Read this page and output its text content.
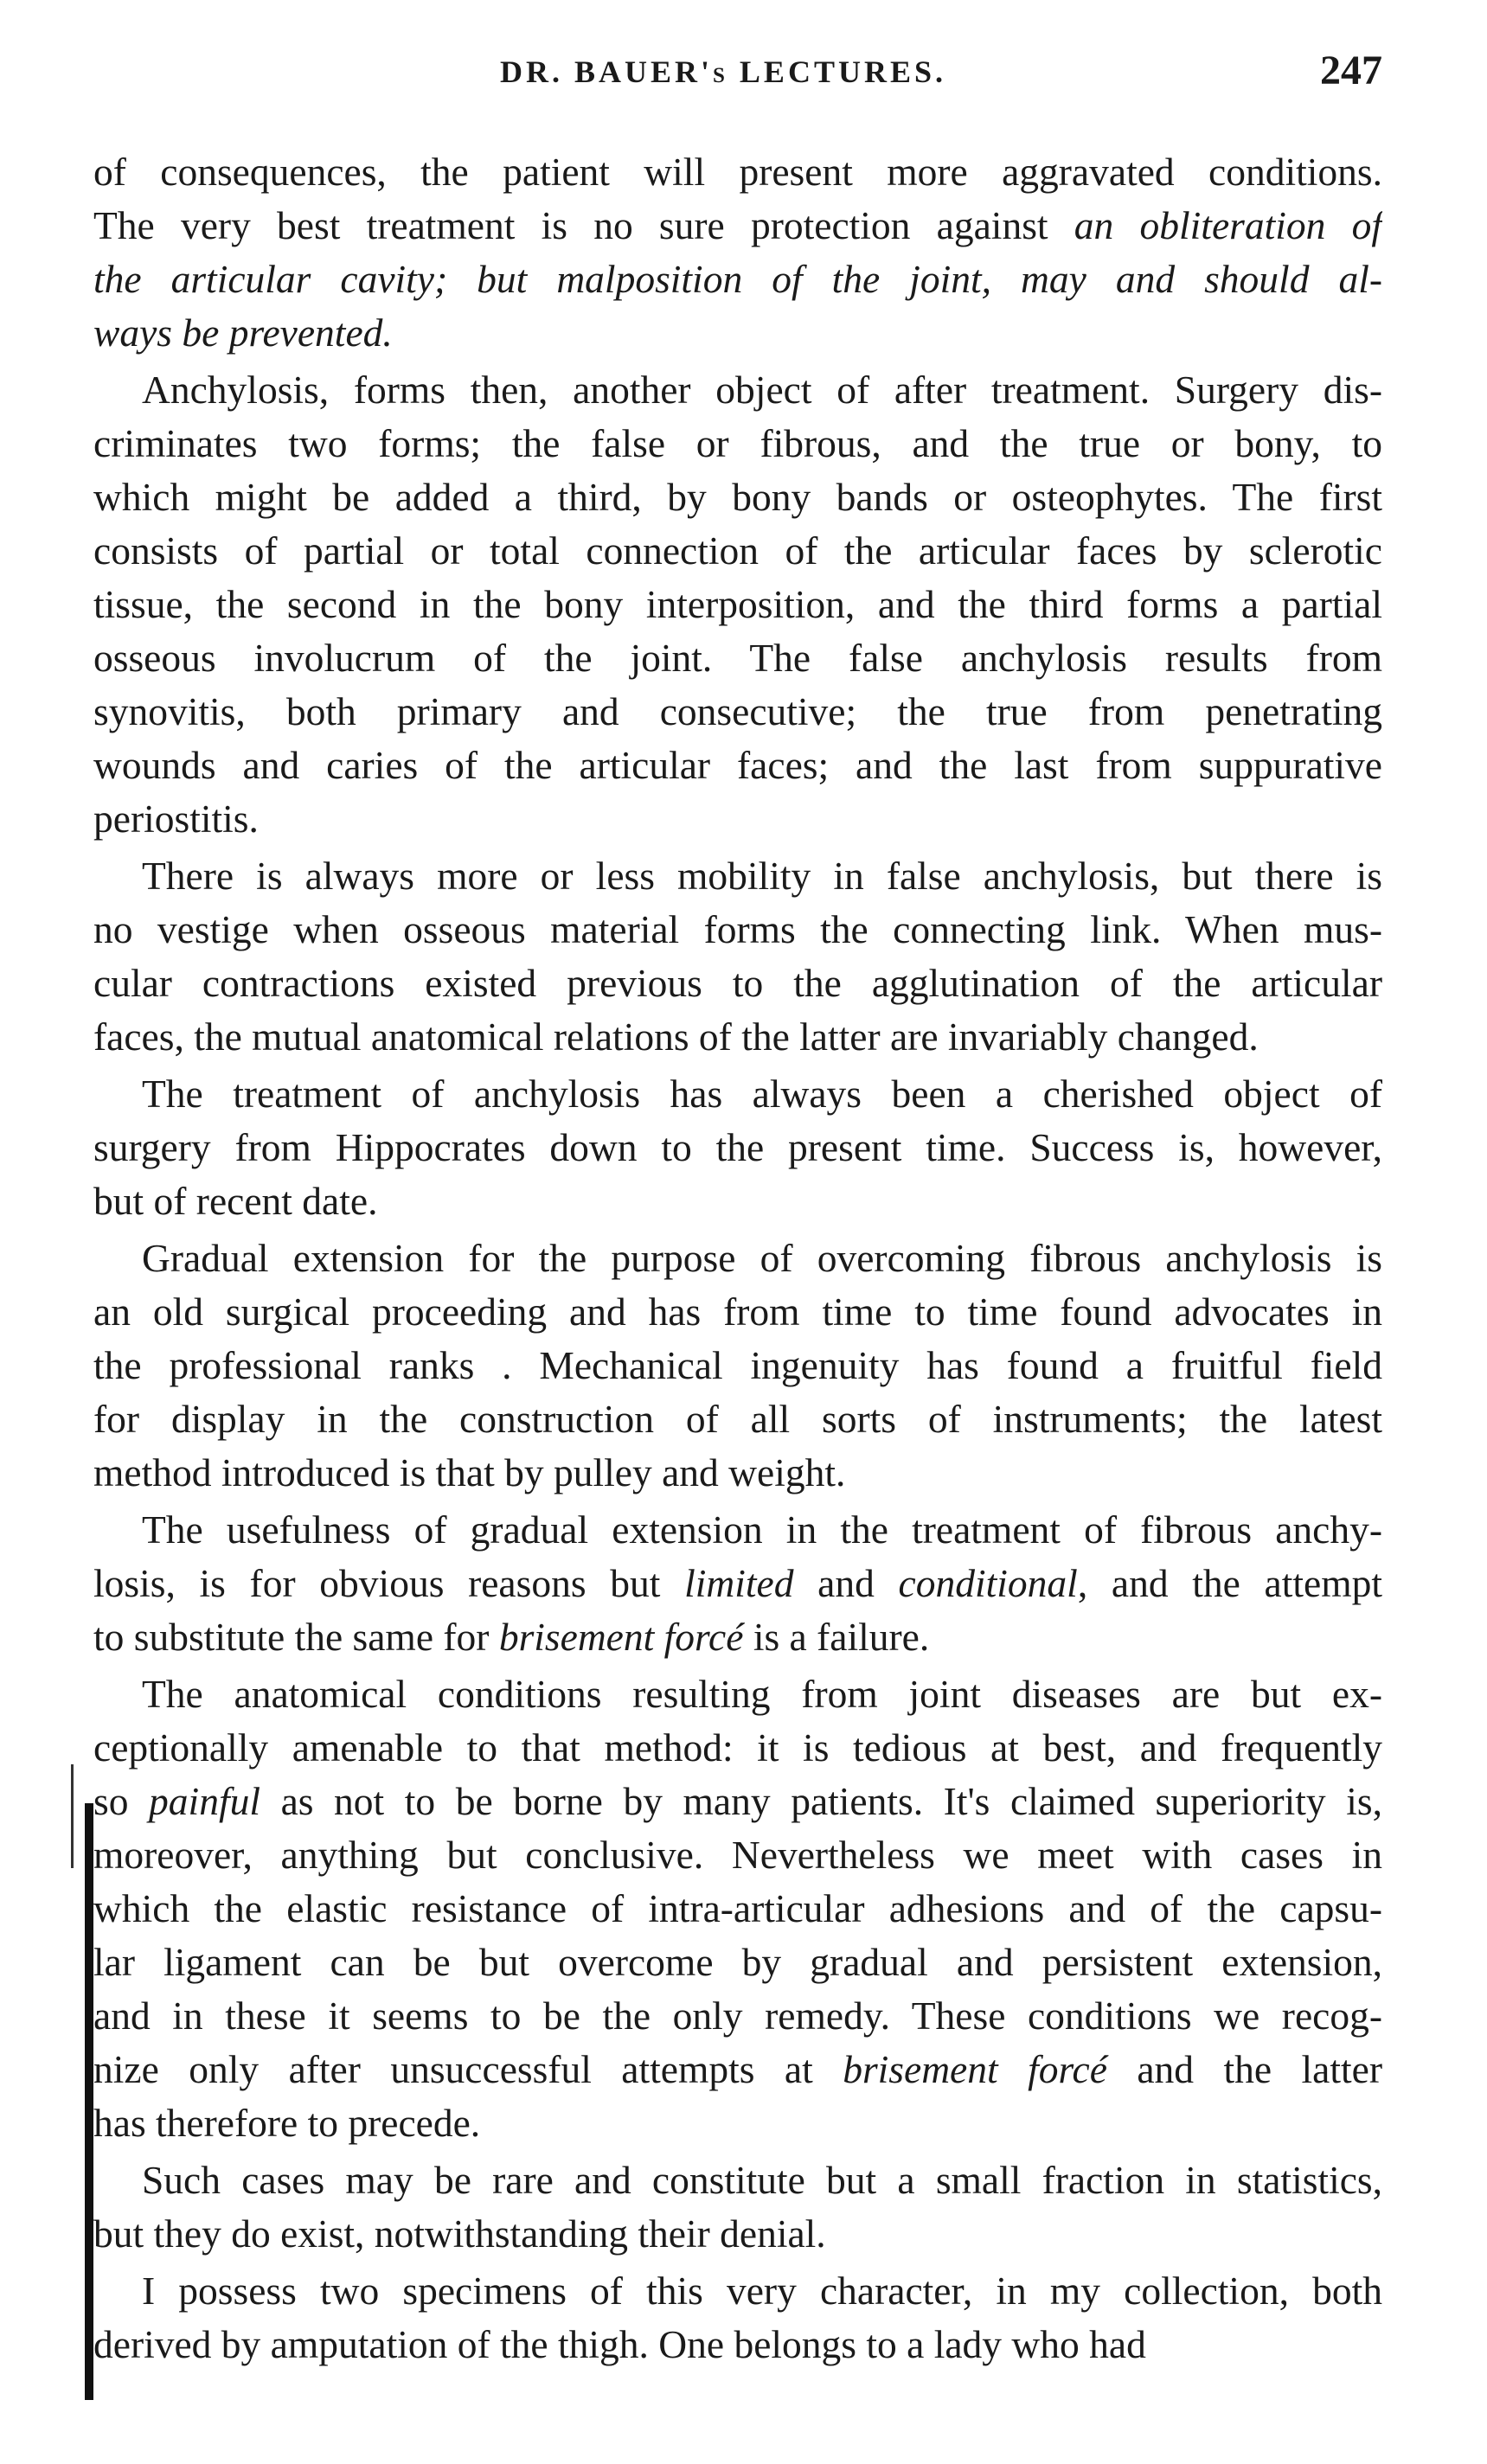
DR. BAUER's LECTURES.	247
of consequences, the patient will present more aggravated conditions.
The very best treatment is no sure protection against an obliteration of
the articular cavity; but malposition of the joint, may and should al-
ways be prevented.
Anchylosis, forms then, another object of after treatment. Surgery dis-
criminates two forms; the false or fibrous, and the true or bony, to
which might be added a third, by bony bands or osteophytes. The first
consists of partial or total connection of the articular faces by sclerotic
tissue, the second in the bony interposition, and the third forms a partial
osseous involucrum of the joint. The false anchylosis results from
synovitis, both primary and consecutive; the true from penetrating
wounds and caries of the articular faces; and the last from suppurative
periostitis.
There is always more or less mobility in false anchylosis, but there is
no vestige when osseous material forms the connecting link. When mus-
cular contractions existed previous to the agglutination of the articular
faces, the mutual anatomical relations of the latter are invariably changed.
The treatment of anchylosis has always been a cherished object of
surgery from Hippocrates down to the present time. Success is, however,
but of recent date.
Gradual extension for the purpose of overcoming fibrous anchylosis is
an old surgical proceeding and has from time to time found advocates in
the professional ranks . Mechanical ingenuity has found a fruitful field
for display in the construction of all sorts of instruments; the latest
method introduced is that by pulley and weight.
The usefulness of gradual extension in the treatment of fibrous anchy-
losis, is for obvious reasons but limited and conditional, and the attempt
to substitute the same for brisement forcé is a failure.
The anatomical conditions resulting from joint diseases are but ex-
ceptionally amenable to that method: it is tedious at best, and frequently
so painful as not to be borne by many patients. It's claimed superiority is,
moreover, anything but conclusive. Nevertheless we meet with cases in
which the elastic resistance of intra-articular adhesions and of the capsu-
lar ligament can be but overcome by gradual and persistent extension,
and in these it seems to be the only remedy. These conditions we recog-
nize only after unsuccessful attempts at brisement forcé and the latter
has therefore to precede.
Such cases may be rare and constitute but a small fraction in statistics,
but they do exist, notwithstanding their denial.
I possess two specimens of this very character, in my collection, both
derived by amputation of the thigh. One belongs to a lady who had
